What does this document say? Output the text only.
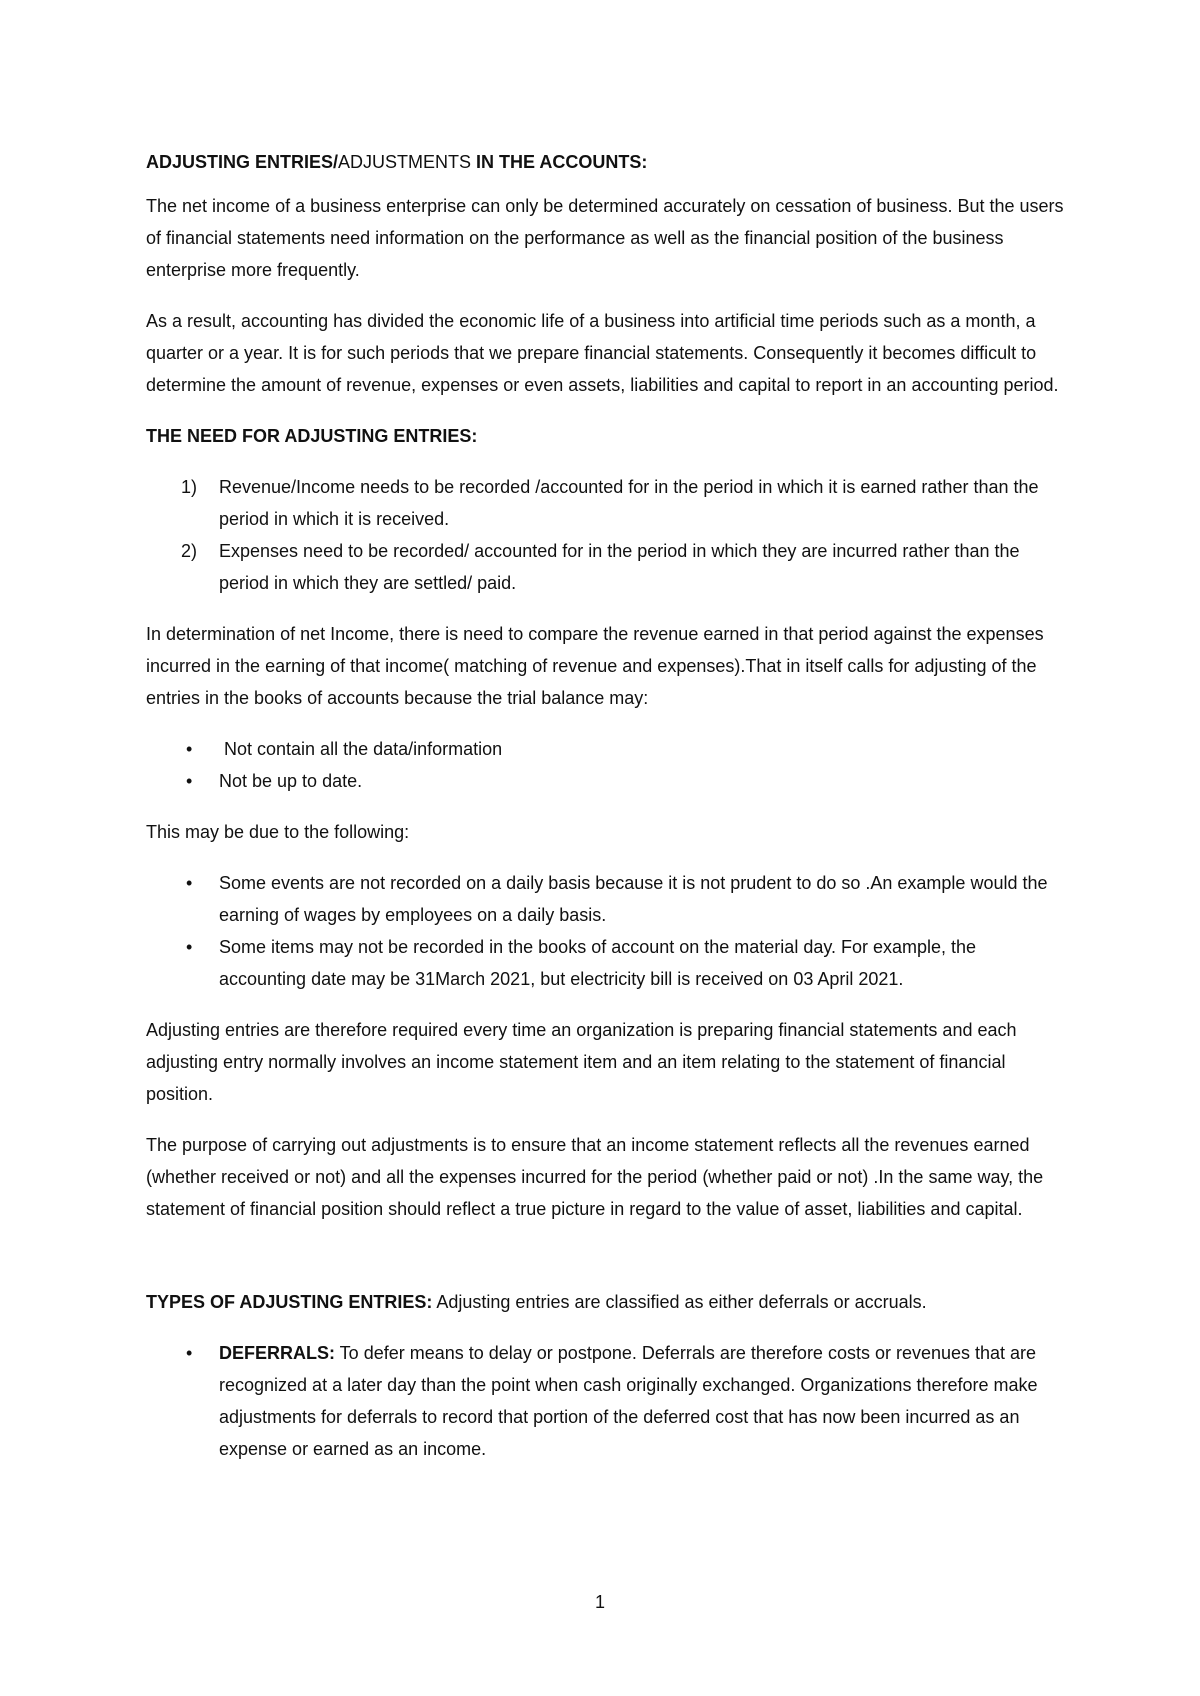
ADJUSTING ENTRIES/ADJUSTMENTS IN THE ACCOUNTS:

The net income of a business enterprise can only be determined accurately on cessation of business. But the users of financial statements need information on the performance as well as the financial position of the business enterprise more frequently.

As a result, accounting has divided the economic life of a business into artificial time periods such as a month, a quarter or a year. It is for such periods that we prepare financial statements. Consequently it becomes difficult to determine the amount of revenue, expenses or even assets, liabilities and capital to report in an accounting period.

THE NEED FOR ADJUSTING ENTRIES:
1) Revenue/Income needs to be recorded /accounted for in the period in which it is earned rather than the period in which it is received.
2) Expenses need to be recorded/ accounted for in the period in which they are incurred rather than the period in which they are settled/ paid.

In determination of net Income, there is need to compare the revenue earned in that period against the expenses incurred in the earning of that income( matching of revenue and expenses).That in itself calls for adjusting of the entries in the books of accounts because the trial balance may:

• Not contain all the data/information
• Not be up to date.

This may be due to the following:

• Some events are not recorded on a daily basis because it is not prudent to do so .An example would the earning of wages by employees on a daily basis.
• Some items may not be recorded in the books of account on the material day. For example, the accounting date may be 31March 2021, but electricity bill is received on 03 April 2021.

Adjusting entries are therefore required every time an organization is preparing financial statements and each adjusting entry normally involves an income statement item and an item relating to the statement of financial position.

The purpose of carrying out adjustments is to ensure that an income statement reflects all the revenues earned (whether received or not) and all the expenses incurred for the period (whether paid or not) .In the same way, the statement of financial position should reflect a true picture in regard to the value of asset, liabilities and capital.

TYPES OF ADJUSTING ENTRIES: Adjusting entries are classified as either deferrals or accruals.

• DEFERRALS: To defer means to delay or postpone. Deferrals are therefore costs or revenues that are recognized at a later day than the point when cash originally exchanged. Organizations therefore make adjustments for deferrals to record that portion of the deferred cost that has now been incurred as an expense or earned as an income.
1
